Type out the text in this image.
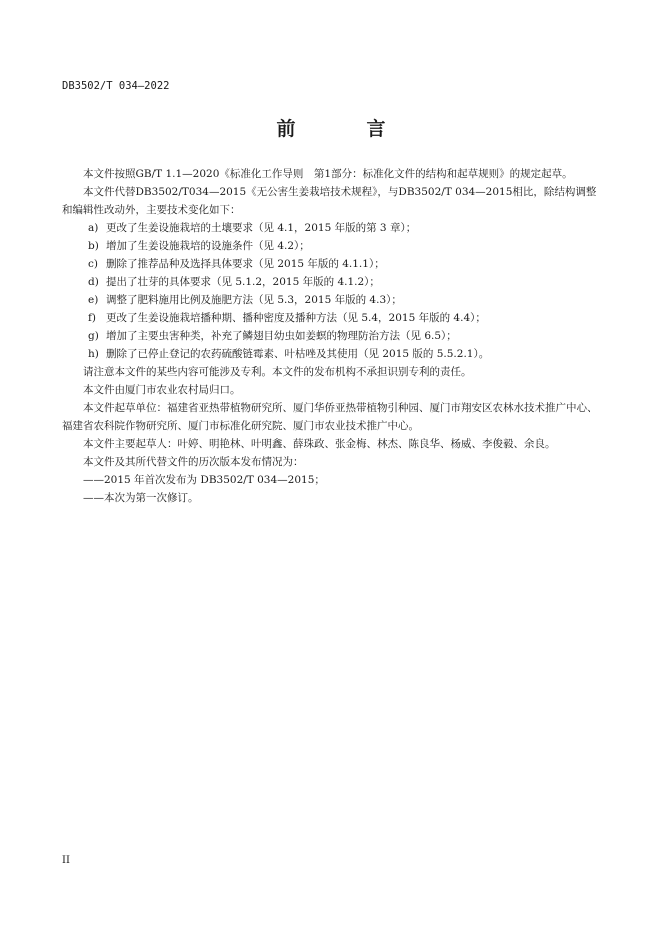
DB3502/T 034—2022
前　言

本文件按照GB/T 1.1—2020《标准化工作导则　第1部分：标准化文件的结构和起草规则》的规定起草。

本文件代替DB3502/T034—2015《无公害生姜栽培技术规程》，与DB3502/T 034—2015相比，除结构调整和编辑性改动外，主要技术变化如下：

a) 更改了生姜设施栽培的土壤要求（见 4.1，2015 年版的第 3 章）；
b) 增加了生姜设施栽培的设施条件（见 4.2）；
c) 删除了推荐品种及选择具体要求（见 2015 年版的 4.1.1）；
d) 提出了壮芽的具体要求（见 5.1.2，2015 年版的 4.1.2）；
e) 调整了肥料施用比例及施肥方法（见 5.3，2015 年版的 4.3）；
f) 更改了生姜设施栽培播种期、播种密度及播种方法（见 5.4，2015 年版的 4.4）；
g) 增加了主要虫害种类，补充了鳞翅目幼虫如姜螟的物理防治方法（见 6.5）；
h) 删除了已停止登记的农药硫酸链霉素、叶枯唑及其使用（见 2015 版的 5.5.2.1）。

请注意本文件的某些内容可能涉及专利。本文件的发布机构不承担识别专利的责任。

本文件由厦门市农业农村局归口。

本文件起草单位：福建省亚热带植物研究所、厦门华侨亚热带植物引种园、厦门市翔安区农林水技术推广中心、福建省农科院作物研究所、厦门市标准化研究院、厦门市农业技术推广中心。

本文件主要起草人：叶婷、明艳林、叶明鑫、薛珠政、张金梅、林杰、陈良华、杨威、李俊毅、余良。

本文件及其所代替文件的历次版本发布情况为：

——2015 年首次发布为 DB3502/T 034—2015；

——本次为第一次修订。

II
